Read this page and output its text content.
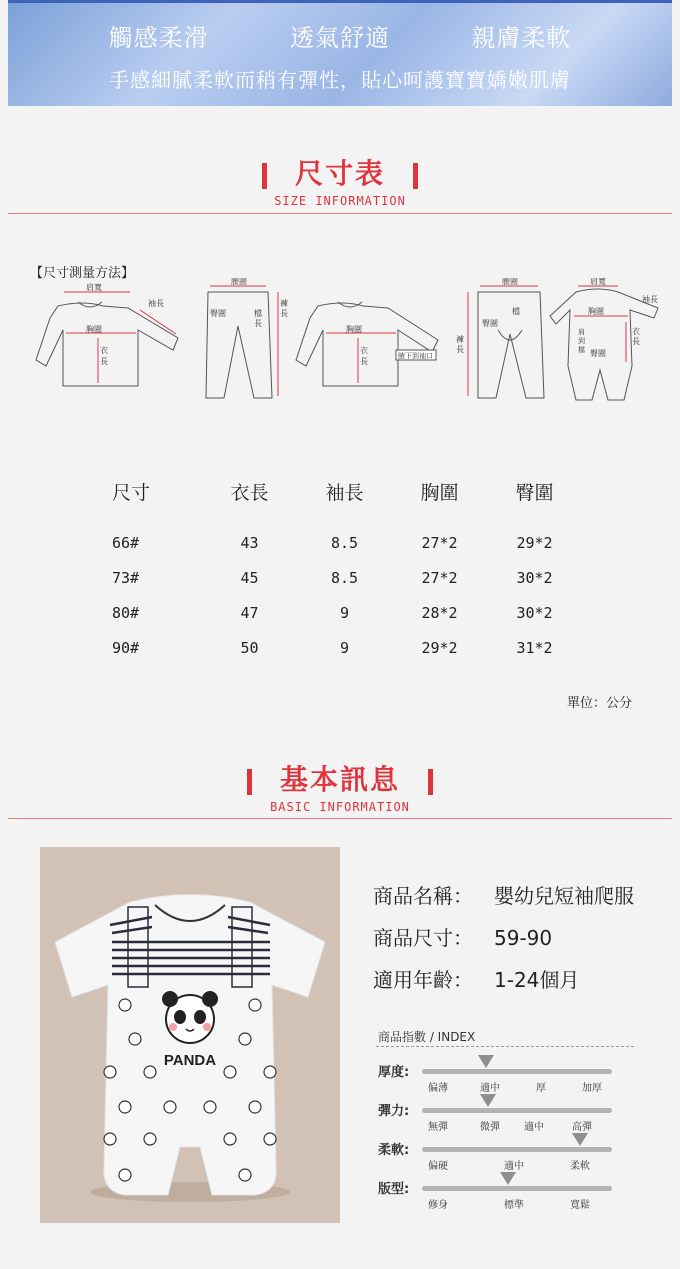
觸感柔滑	透氣舒適	親膚柔軟
手感細膩柔軟而稍有彈性，貼心呵護寶寶嬌嫩肌膚
尺寸表
SIZE INFORMATION
【尺寸測量方法】
肩寬
袖長
胸圍
衣
長
腰圍
臀圍	檔
長
褲
長
胸圍
衣
長
腋下到袖口
腰圍
臀圍
檔
褲
長
肩寬
袖長
胸圍
衣
長
臀圍
肩
到
檔
尺寸	衣長	袖長	胸圍	臀圍

66#	43	8.5	27*2	29*2
73#	45	8.5	27*2	30*2
80#	47	9	28*2	30*2
90#	50	9	29*2	31*2
單位：公分
基本訊息
BASIC INFORMATION
PANDA
商品名稱： 嬰幼兒短袖爬服
商品尺寸： 59-90
適用年齡： 1-24個月
商品指數 / INDEX
厚度:
偏薄	適中	厚	加厚
彈力:
無彈	微彈 適中	高彈
柔軟:
偏硬	適中	柔軟
版型:
修身	標準	寬鬆
